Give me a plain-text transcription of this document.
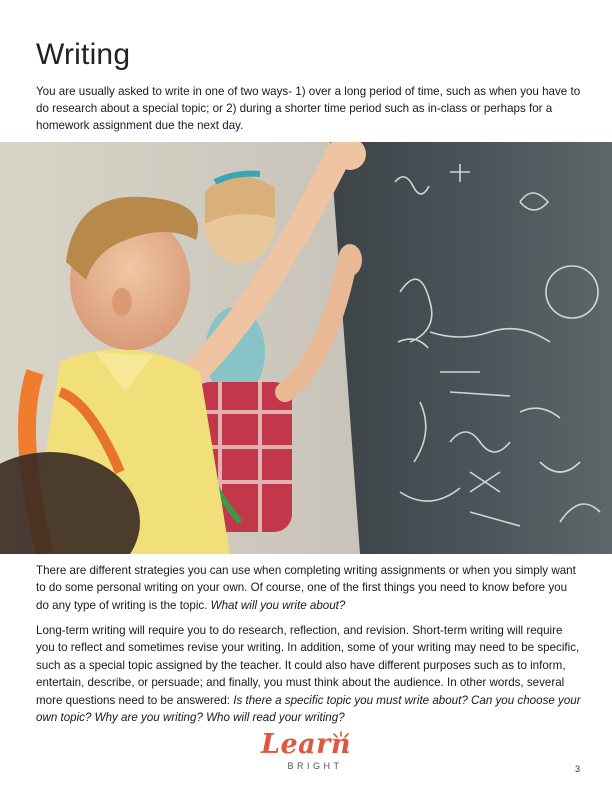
Writing

You are usually asked to write in one of two ways- 1) over a long period of time, such as when you have to do research about a special topic; or 2) during a shorter time period such as in-class or perhaps for a homework assignment due the next day.

There are different strategies you can use when completing writing assignments or when you simply want to do some personal writing on your own. Of course, one of the first things you need to know before you do any type of writing is the topic. What will you write about?

Long-term writing will require you to do research, reflection, and revision. Short-term writing will require you to reflect and sometimes revise your writing. In addition, some of your writing may need to be specific, such as a special topic assigned by the teacher. It could also have different purposes such as to inform, entertain, describe, or persuade; and finally, you must think about the audience. In other words, several more questions need to be answered: Is there a specific topic you must write about? Can you choose your own topic? Why are you writing? Who will read your writing?

Learn
BRIGHT	3
